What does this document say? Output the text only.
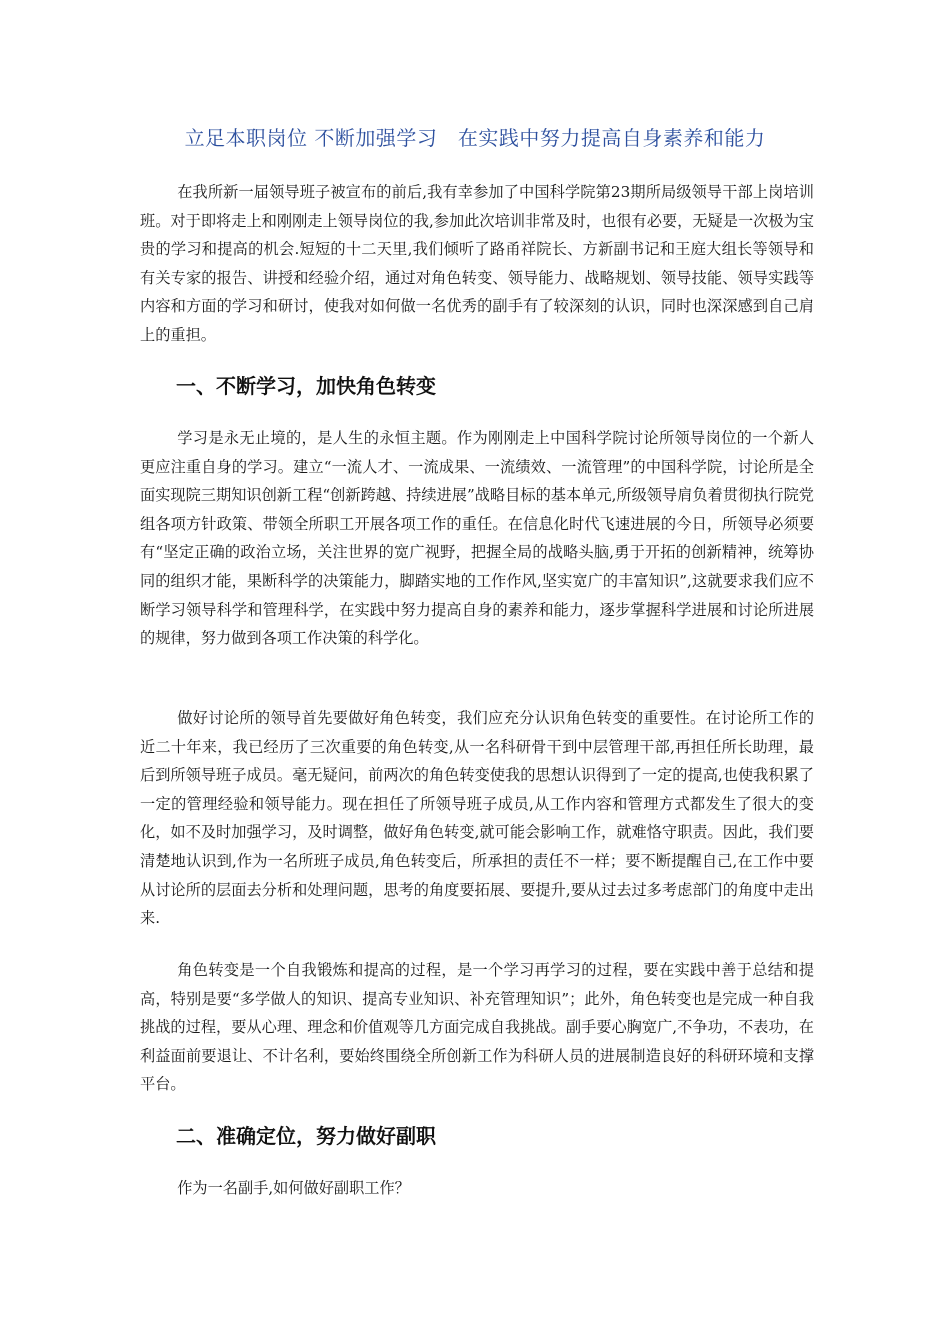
立足本职岗位 不断加强学习　在实践中努力提高自身素养和能力

在我所新一届领导班子被宣布的前后,我有幸参加了中国科学院第23期所局级领导干部上岗培训班。对于即将走上和刚刚走上领导岗位的我,参加此次培训非常及时，也很有必要，无疑是一次极为宝贵的学习和提高的机会.短短的十二天里,我们倾听了路甬祥院长、方新副书记和王庭大组长等领导和有关专家的报告、讲授和经验介绍，通过对角色转变、领导能力、战略规划、领导技能、领导实践等内容和方面的学习和研讨，使我对如何做一名优秀的副手有了较深刻的认识，同时也深深感到自己肩上的重担。

一、不断学习，加快角色转变

学习是永无止境的，是人生的永恒主题。作为刚刚走上中国科学院讨论所领导岗位的一个新人更应注重自身的学习。建立“一流人才、一流成果、一流绩效、一流管理”的中国科学院，讨论所是全面实现院三期知识创新工程“创新跨越、持续进展”战略目标的基本单元,所级领导肩负着贯彻执行院党组各项方针政策、带领全所职工开展各项工作的重任。在信息化时代飞速进展的今日，所领导必须要有“坚定正确的政治立场，关注世界的宽广视野，把握全局的战略头脑,勇于开拓的创新精神，统筹协同的组织才能，果断科学的决策能力，脚踏实地的工作作风,坚实宽广的丰富知识”,这就要求我们应不断学习领导科学和管理科学，在实践中努力提高自身的素养和能力，逐步掌握科学进展和讨论所进展的规律，努力做到各项工作决策的科学化。

做好讨论所的领导首先要做好角色转变，我们应充分认识角色转变的重要性。在讨论所工作的近二十年来，我已经历了三次重要的角色转变,从一名科研骨干到中层管理干部,再担任所长助理，最后到所领导班子成员。毫无疑问，前两次的角色转变使我的思想认识得到了一定的提高,也使我积累了一定的管理经验和领导能力。现在担任了所领导班子成员,从工作内容和管理方式都发生了很大的变化，如不及时加强学习，及时调整，做好角色转变,就可能会影响工作，就难恪守职责。因此，我们要清楚地认识到,作为一名所班子成员,角色转变后，所承担的责任不一样；要不断提醒自己,在工作中要从讨论所的层面去分析和处理问题，思考的角度要拓展、要提升,要从过去过多考虑部门的角度中走出来.

角色转变是一个自我锻炼和提高的过程，是一个学习再学习的过程，要在实践中善于总结和提高，特别是要“多学做人的知识、提高专业知识、补充管理知识”；此外，角色转变也是完成一种自我挑战的过程，要从心理、理念和价值观等几方面完成自我挑战。副手要心胸宽广,不争功，不表功，在利益面前要退让、不计名利，要始终围绕全所创新工作为科研人员的进展制造良好的科研环境和支撑平台。

二、准确定位，努力做好副职

作为一名副手,如何做好副职工作？
